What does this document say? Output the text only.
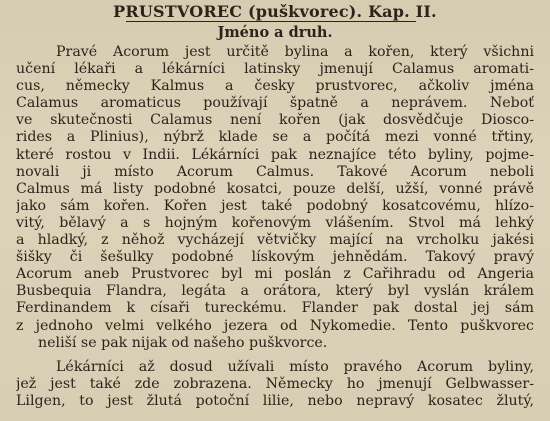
PRUSTVOREC (puškvorec). Kap. II.
Jméno a druh.
Pravé Acorum jest určitě bylina a kořen, který všichni
učení lékaři a lékárníci latinsky jmenují Calamus aromati-
cus, německy Kalmus a česky prustvorec, ačkoliv jména
Calamus aromaticus používají špatně a neprávem. Neboť
ve skutečnosti Calamus není kořen (jak dosvědčuje Dioscо-
rides a Plinius), nýbrž klade se a počítá mezi vonné třtiny,
které rostou v Indii. Lékárníci pak neznajíce této byliny, pojme-
novali ji místo Acorum Calmus. Takové Acorum neboli
Calmus má listy podobné kosatci, pouze delší, užší, vonné právě
jako sám kořen. Kořen jest také podobný kosatcovému, hlízo-
vitý, bělavý a s hojným kořenovým vlášením. Stvol má lehký
a hladký, z něhož vycházejí větvičky mající na vrcholku jakési
šišky či šešulky podobné lískovým jehnědám. Takový pravý
Acorum aneb Prustvorec byl mi poslán z Cařihradu od Angeria
Busbequia Flandra, legáta a orátora, který byl vyslán králem
Ferdinandem k císaři tureckému. Flander pak dostal jej sám
z jednoho velmi velkého jezera od Nykomedie. Tento puškvorec
neliší se pak nijak od našeho puškvorce.
Lékárníci až dosud užívali místo pravého Acorum byliny,
jež jest také zde zobrazena. Německy ho jmenují Gelbwasser-
Lilgen, to jest žlutá potoční lilie, nebo nepravý kosatec žlutý,
